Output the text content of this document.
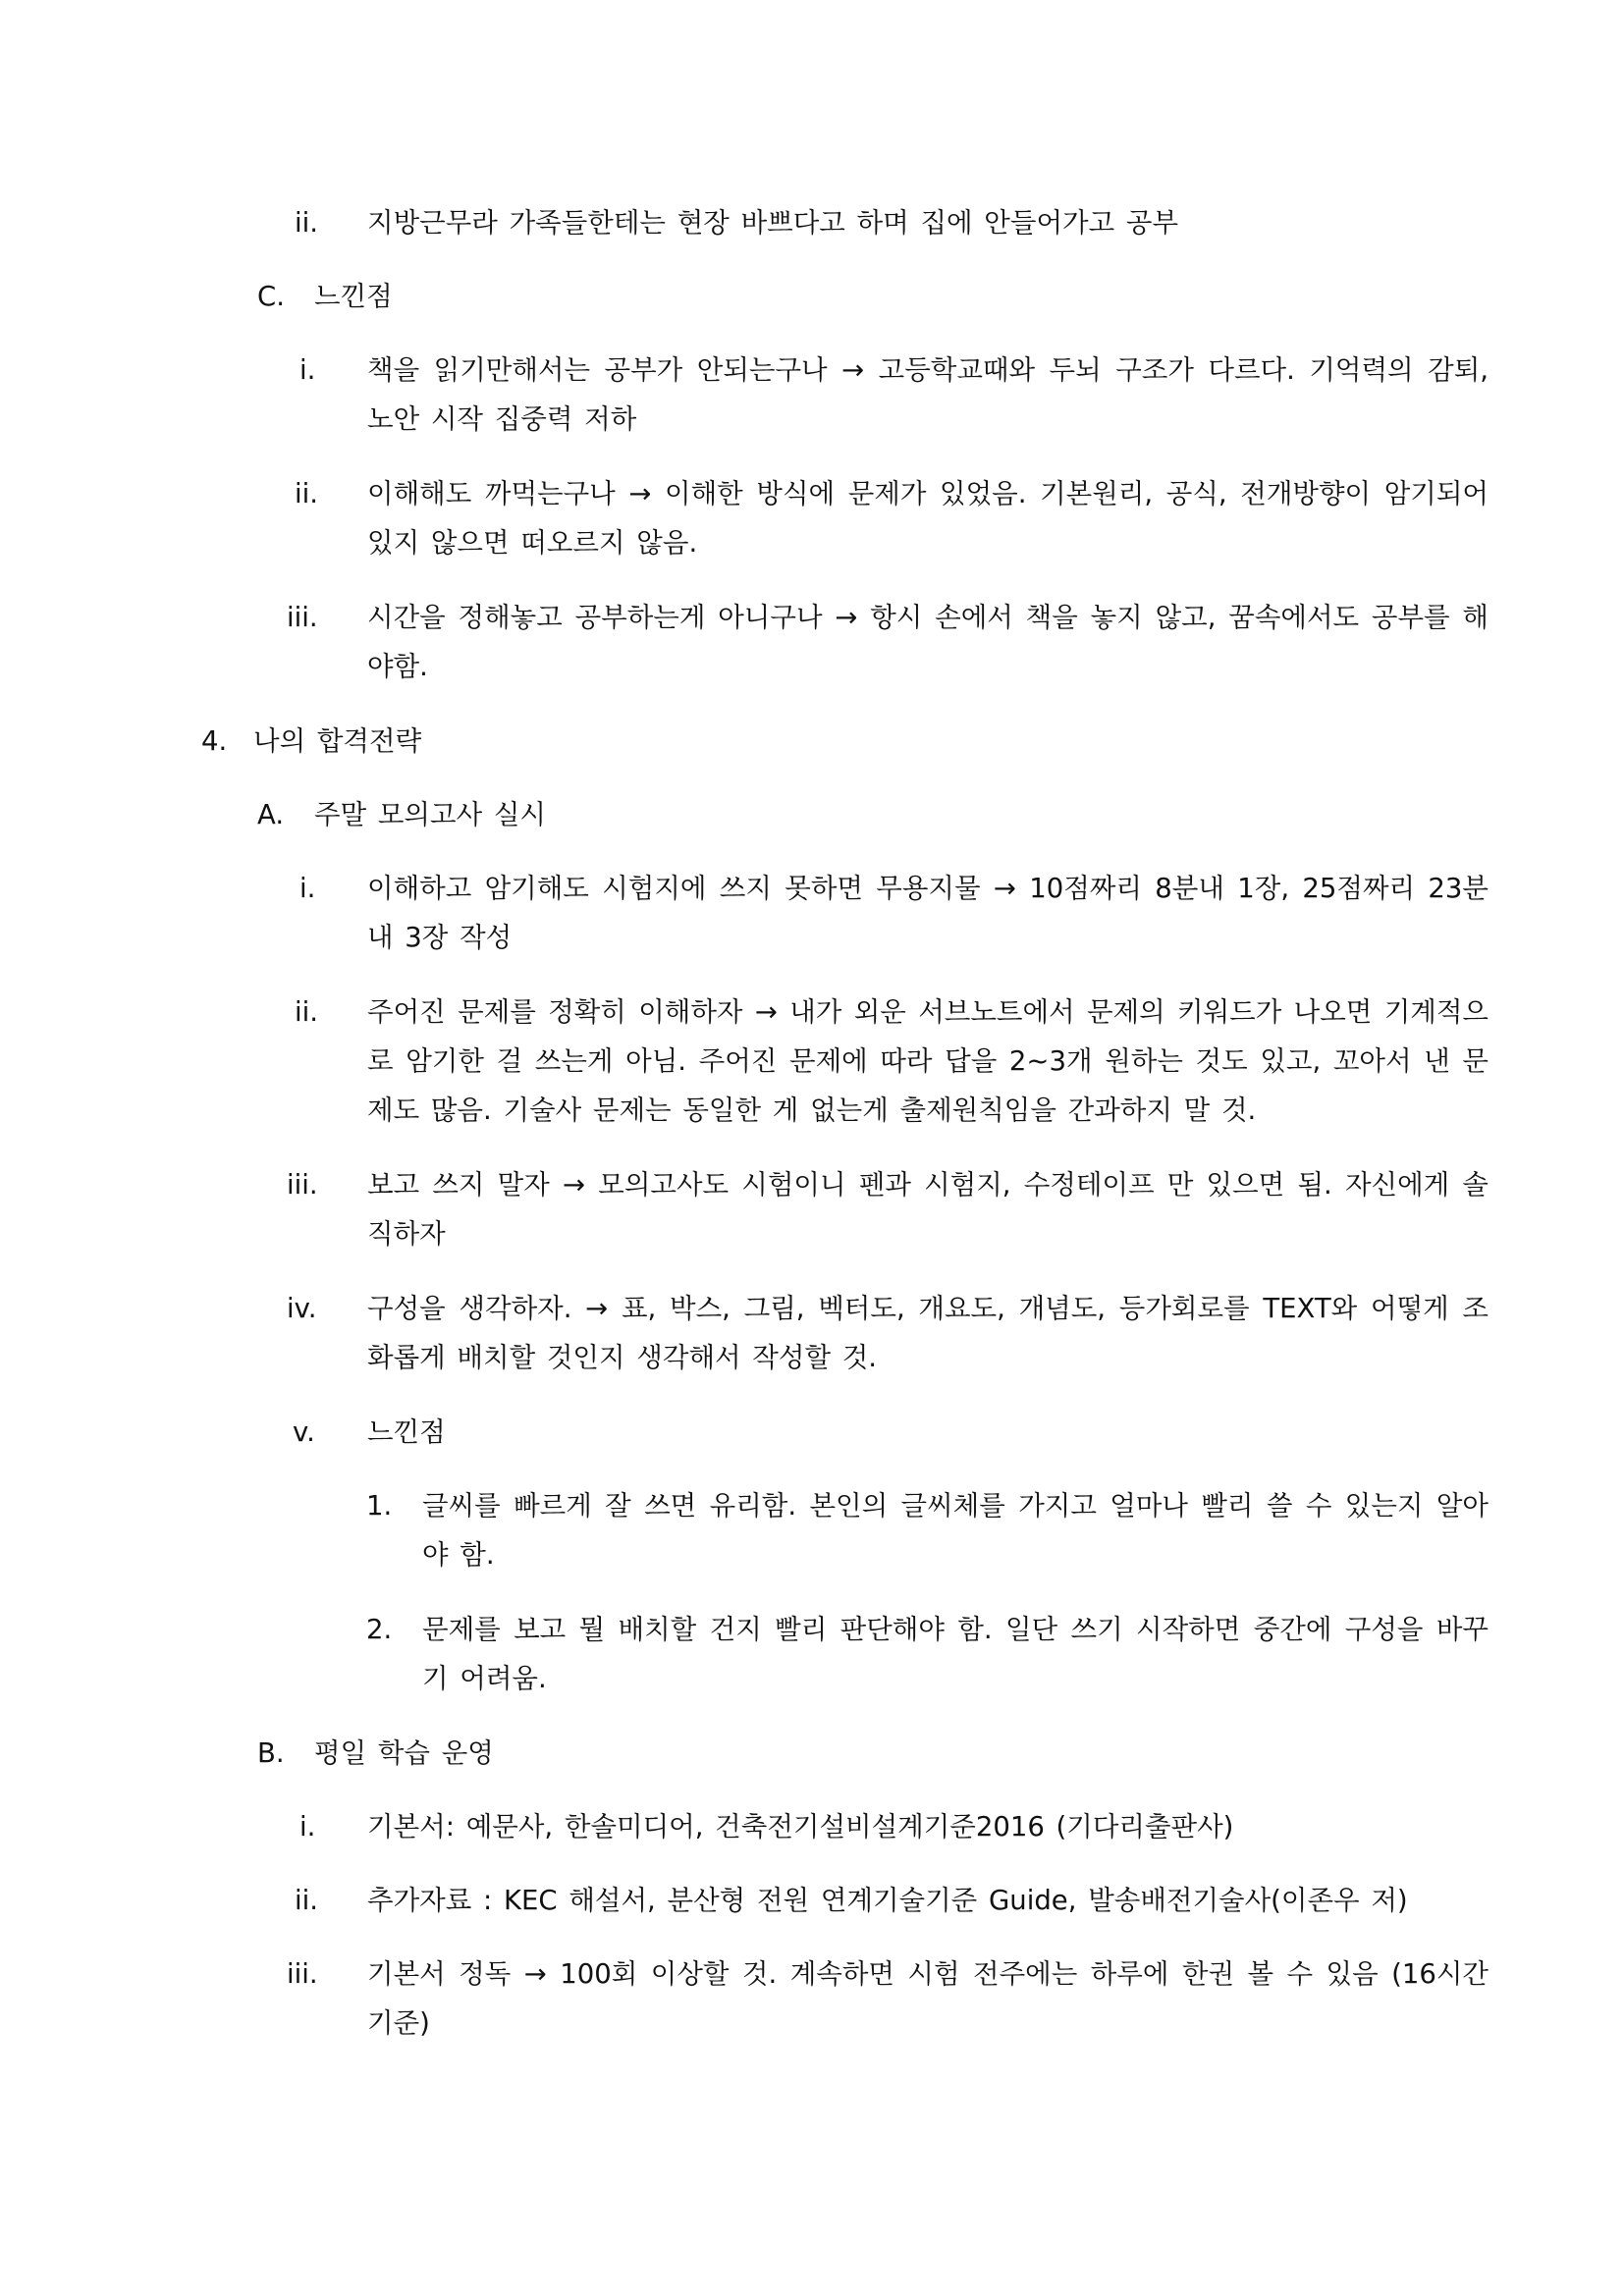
ii. 지방근무라 가족들한테는 현장 바쁘다고 하며 집에 안들어가고 공부
C. 느낀점
i. 책을 읽기만해서는 공부가 안되는구나 → 고등학교때와 두뇌 구조가 다르다. 기억력의 감퇴, 노안 시작 집중력 저하
ii. 이해해도 까먹는구나 → 이해한 방식에 문제가 있었음. 기본원리, 공식, 전개방향이 암기되어 있지 않으면 떠오르지 않음.
iii. 시간을 정해놓고 공부하는게 아니구나 → 항시 손에서 책을 놓지 않고, 꿈속에서도 공부를 해야함.
4. 나의 합격전략
A. 주말 모의고사 실시
i. 이해하고 암기해도 시험지에 쓰지 못하면 무용지물 → 10점짜리 8분내 1장, 25점짜리 23분내 3장 작성
ii. 주어진 문제를 정확히 이해하자 → 내가 외운 서브노트에서 문제의 키워드가 나오면 기계적으로 암기한 걸 쓰는게 아님. 주어진 문제에 따라 답을 2~3개 원하는 것도 있고, 꼬아서 낸 문제도 많음. 기술사 문제는 동일한 게 없는게 출제원칙임을 간과하지 말 것.
iii. 보고 쓰지 말자 → 모의고사도 시험이니 펜과 시험지, 수정테이프 만 있으면 됨. 자신에게 솔직하자
iv. 구성을 생각하자. → 표, 박스, 그림, 벡터도, 개요도, 개념도, 등가회로를 TEXT와 어떻게 조화롭게 배치할 것인지 생각해서 작성할 것.
v. 느낀점
1. 글씨를 빠르게 잘 쓰면 유리함. 본인의 글씨체를 가지고 얼마나 빨리 쓸 수 있는지 알아야 함.
2. 문제를 보고 뭘 배치할 건지 빨리 판단해야 함. 일단 쓰기 시작하면 중간에 구성을 바꾸기 어려움.
B. 평일 학습 운영
i. 기본서: 예문사, 한솔미디어, 건축전기설비설계기준2016 (기다리출판사)
ii. 추가자료 : KEC 해설서, 분산형 전원 연계기술기준 Guide, 발송배전기술사(이존우 저)
iii. 기본서 정독 → 100회 이상할 것. 계속하면 시험 전주에는 하루에 한권 볼 수 있음 (16시간 기준)
